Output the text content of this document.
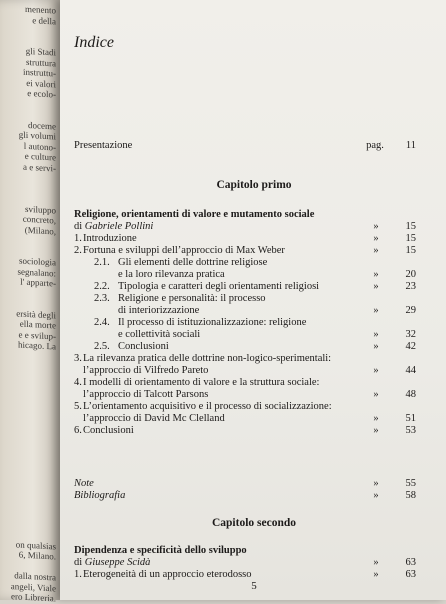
menento
e della
gli Stadi
struttura
instruttu-
ei valori
e ecolo-
doceme
gli volumi
l autono-
e culture
a e servi-
sviluppo
concreto,
(Milano,
sociologia
segnalano:
l' apparte-
ersità degli
ella morte
e e svilup-
hicago. La
on qualsias
6, Milano.
dalla nostra
angeli, Viale
ero Libreria.
Indice
Presentazione	pag.	11
Capitolo primo
Religione, orientamenti di valore e mutamento sociale
di Gabriele Pollini	»	15
1. Introduzione	»	15
2. Fortuna e sviluppi dell’approccio di Max Weber	»	15
2.1. Gli elementi delle dottrine religiose
e la loro rilevanza pratica	»	20
2.2. Tipologia e caratteri degli orientamenti religiosi	»	23
2.3. Religione e personalità: il processo
di interiorizzazione	»	29
2.4. Il processo di istituzionalizzazione: religione
e collettività sociali	»	32
2.5. Conclusioni	»	42
3. La rilevanza pratica delle dottrine non-logico-sperimentali:
l’approccio di Vilfredo Pareto	»	44
4. I modelli di orientamento di valore e la struttura sociale:
l’approccio di Talcott Parsons	»	48
5. L’orientamento acquisitivo e il processo di socializzazione:
l’approccio di David Mc Clelland	»	51
6. Conclusioni	»	53
Note	»	55
Bibliografia	»	58
Capitolo secondo
Dipendenza e specificità dello sviluppo
di Giuseppe Scidà	»	63
1. Eterogeneità di un approccio eterodosso	»	63
5
